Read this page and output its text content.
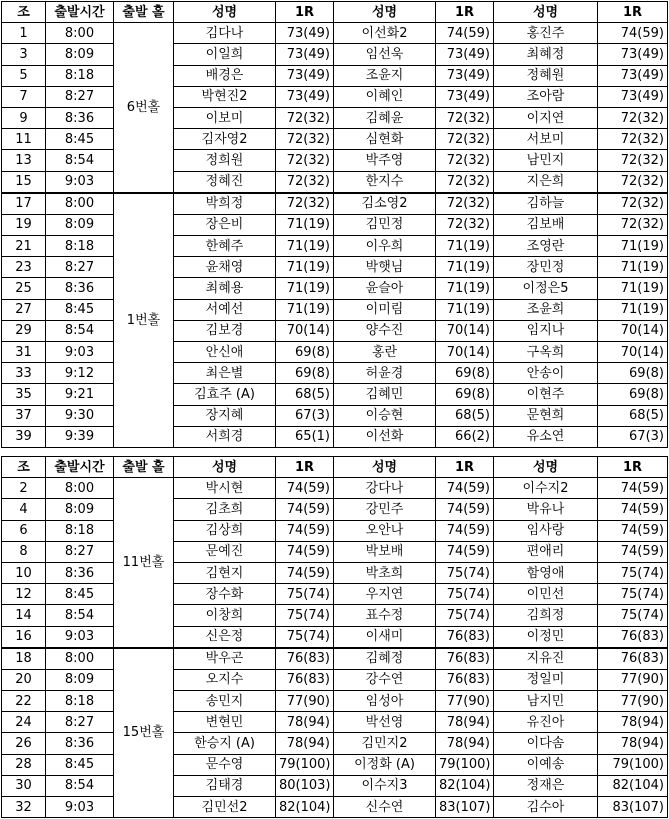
조	출발시간	출발 홀	성명	1R	성명	1R	성명	1R
1	8:00	6번홀	김다나	73(49)	이선화2	74(59)	홍진주	74(59)
3	8:09		이일희	73(49)	임선욱	73(49)	최혜정	73(49)
5	8:18		배경은	73(49)	조윤지	73(49)	정혜원	73(49)
7	8:27		박현진2	73(49)	이혜인	73(49)	조아람	73(49)
9	8:36		이보미	72(32)	김혜윤	72(32)	이지연	72(32)
11	8:45		김자영2	72(32)	심현화	72(32)	서보미	72(32)
13	8:54		정희원	72(32)	박주영	72(32)	남민지	72(32)
15	9:03		정혜진	72(32)	한지수	72(32)	지은희	72(32)
17	8:00	1번홀	박희정	72(32)	김소영2	72(32)	김하늘	72(32)
19	8:09		장은비	71(19)	김민정	72(32)	김보배	72(32)
21	8:18		한혜주	71(19)	이우희	71(19)	조영란	71(19)
23	8:27		윤채영	71(19)	박햇님	71(19)	장민정	71(19)
25	8:36		최혜용	71(19)	윤슬아	71(19)	이정은5	71(19)
27	8:45		서예선	71(19)	이미림	71(19)	조윤희	71(19)
29	8:54		김보경	70(14)	양수진	70(14)	임지나	70(14)
31	9:03		안신애	69(8)	홍란	70(14)	구옥희	70(14)
33	9:12		최은별	69(8)	허윤경	69(8)	안송이	69(8)
35	9:21		김효주 (A)	68(5)	김혜민	69(8)	이현주	69(8)
37	9:30		장지혜	67(3)	이승현	68(5)	문현희	68(5)
39	9:39		서희경	65(1)	이선화	66(2)	유소연	67(3)
조	출발시간	출발 홀	성명	1R	성명	1R	성명	1R
2	8:00	11번홀	박시현	74(59)	강다나	74(59)	이수지2	74(59)
4	8:09		김초희	74(59)	강민주	74(59)	박유나	74(59)
6	8:18		김상희	74(59)	오안나	74(59)	임사랑	74(59)
8	8:27		문예진	74(59)	박보배	74(59)	편애리	74(59)
10	8:36		김현지	74(59)	박초희	75(74)	함영애	75(74)
12	8:45		장수화	75(74)	우지연	75(74)	이민선	75(74)
14	8:54		이창희	75(74)	표수정	75(74)	김희정	75(74)
16	9:03		신은정	75(74)	이새미	76(83)	이정민	76(83)
18	8:00	15번홀	박우곤	76(83)	김혜정	76(83)	지유진	76(83)
20	8:09		오지수	76(83)	강수연	76(83)	정일미	77(90)
22	8:18		송민지	77(90)	임성아	77(90)	남지민	77(90)
24	8:27		변현민	78(94)	박선영	78(94)	유진아	78(94)
26	8:36		한승지 (A)	78(94)	김민지2	78(94)	이다솜	78(94)
28	8:45		문수영	79(100)	이정화 (A)	79(100)	이예송	79(100)
30	8:54		김태경	80(103)	이수지3	82(104)	정재은	82(104)
32	9:03		김민선2	82(104)	신수연	83(107)	김수아	83(107)
